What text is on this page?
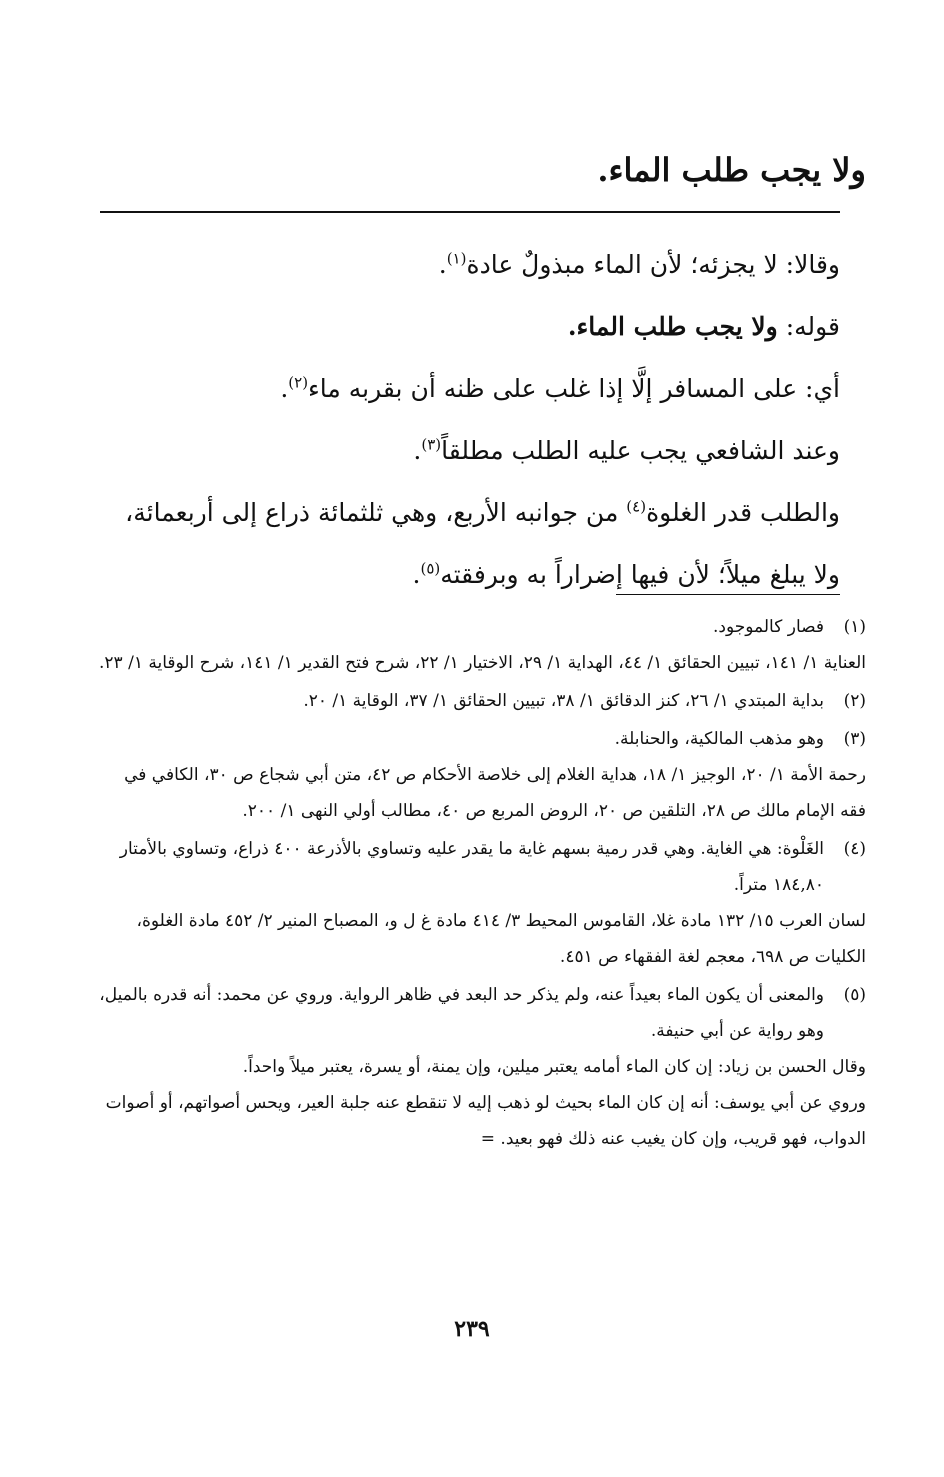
ولا يجب طلب الماء.

وقالا: لا يجزئه؛ لأن الماء مبذولٌ عادة$^{(١)}$.

قوله: ولا يجب طلب الماء.

أي: على المسافر إلَّا إذا غلب على ظنه أن بقربه ماء$^{(٢)}$.

وعند الشافعي يجب عليه الطلب مطلقاً$^{(٣)}$.

والطلب قدر الغلوة$^{(٤)}$ من جوانبه الأربع، وهي ثلثمائة ذراع إلى أربعمائة، ولا يبلغ ميلاً؛ لأن فيها إضراراً به وبرفقته$^{(٥)}$.

(١)
فصار كالموجود.

العناية ١/ ١٤١، تبيين الحقائق ١/ ٤٤، الهداية ١/ ٢٩، الاختيار ١/ ٢٢، شرح فتح القدير ١/ ١٤١، شرح الوقاية ١/ ٢٣.

(٢)
بداية المبتدي ١/ ٢٦، كنز الدقائق ١/ ٣٨، تبيين الحقائق ١/ ٣٧، الوقاية ١/ ٢٠.
(٣)
وهو مذهب المالكية، والحنابلة.

رحمة الأمة ١/ ٢٠، الوجيز ١/ ١٨، هداية الغلام إلى خلاصة الأحكام ص ٤٢، متن أبي شجاع ص ٣٠، الكافي في فقه الإمام مالك ص ٢٨، التلقين ص ٢٠، الروض المربع ص ٤٠، مطالب أولي النهى ١/ ٢٠٠.

(٤)
الغَلْوة: هي الغاية. وهي قدر رمية بسهم غاية ما يقدر عليه وتساوي بالأذرعة ٤٠٠ ذراع، وتساوي بالأمتار ١٨٤,٨٠ متراً.

لسان العرب ١٥/ ١٣٢ مادة غلا، القاموس المحيط ٣/ ٤١٤ مادة غ ل و، المصباح المنير ٢/ ٤٥٢ مادة الغلوة، الكليات ص ٦٩٨، معجم لغة الفقهاء ص ٤٥١.

(٥)
والمعنى أن يكون الماء بعيداً عنه، ولم يذكر حد البعد في ظاهر الرواية. وروي عن محمد: أنه قدره بالميل، وهو رواية عن أبي حنيفة.

وقال الحسن بن زياد: إن كان الماء أمامه يعتبر ميلين، وإن يمنة، أو يسرة، يعتبر ميلاً واحداً.

وروي عن أبي يوسف: أنه إن كان الماء بحيث لو ذهب إليه لا تنقطع عنه جلبة العير، ويحس أصواتهم، أو أصوات الدواب، فهو قريب، وإن كان يغيب عنه ذلك فهو بعيد. =

٢٣٩
